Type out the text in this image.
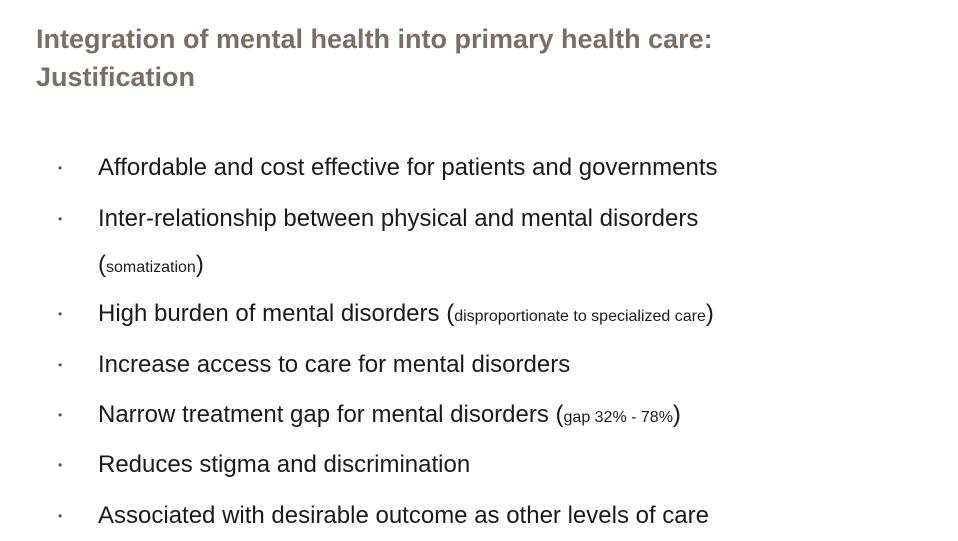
Integration of mental health into primary health care:
Justification
• Affordable and cost effective for patients and governments
• Inter-relationship between physical and mental disorders
(somatization)
• High burden of mental disorders (disproportionate to specialized care)
• Increase access to care for mental disorders
• Narrow treatment gap for mental disorders (gap 32% - 78%)
• Reduces stigma and discrimination
• Associated with desirable outcome as other levels of care
